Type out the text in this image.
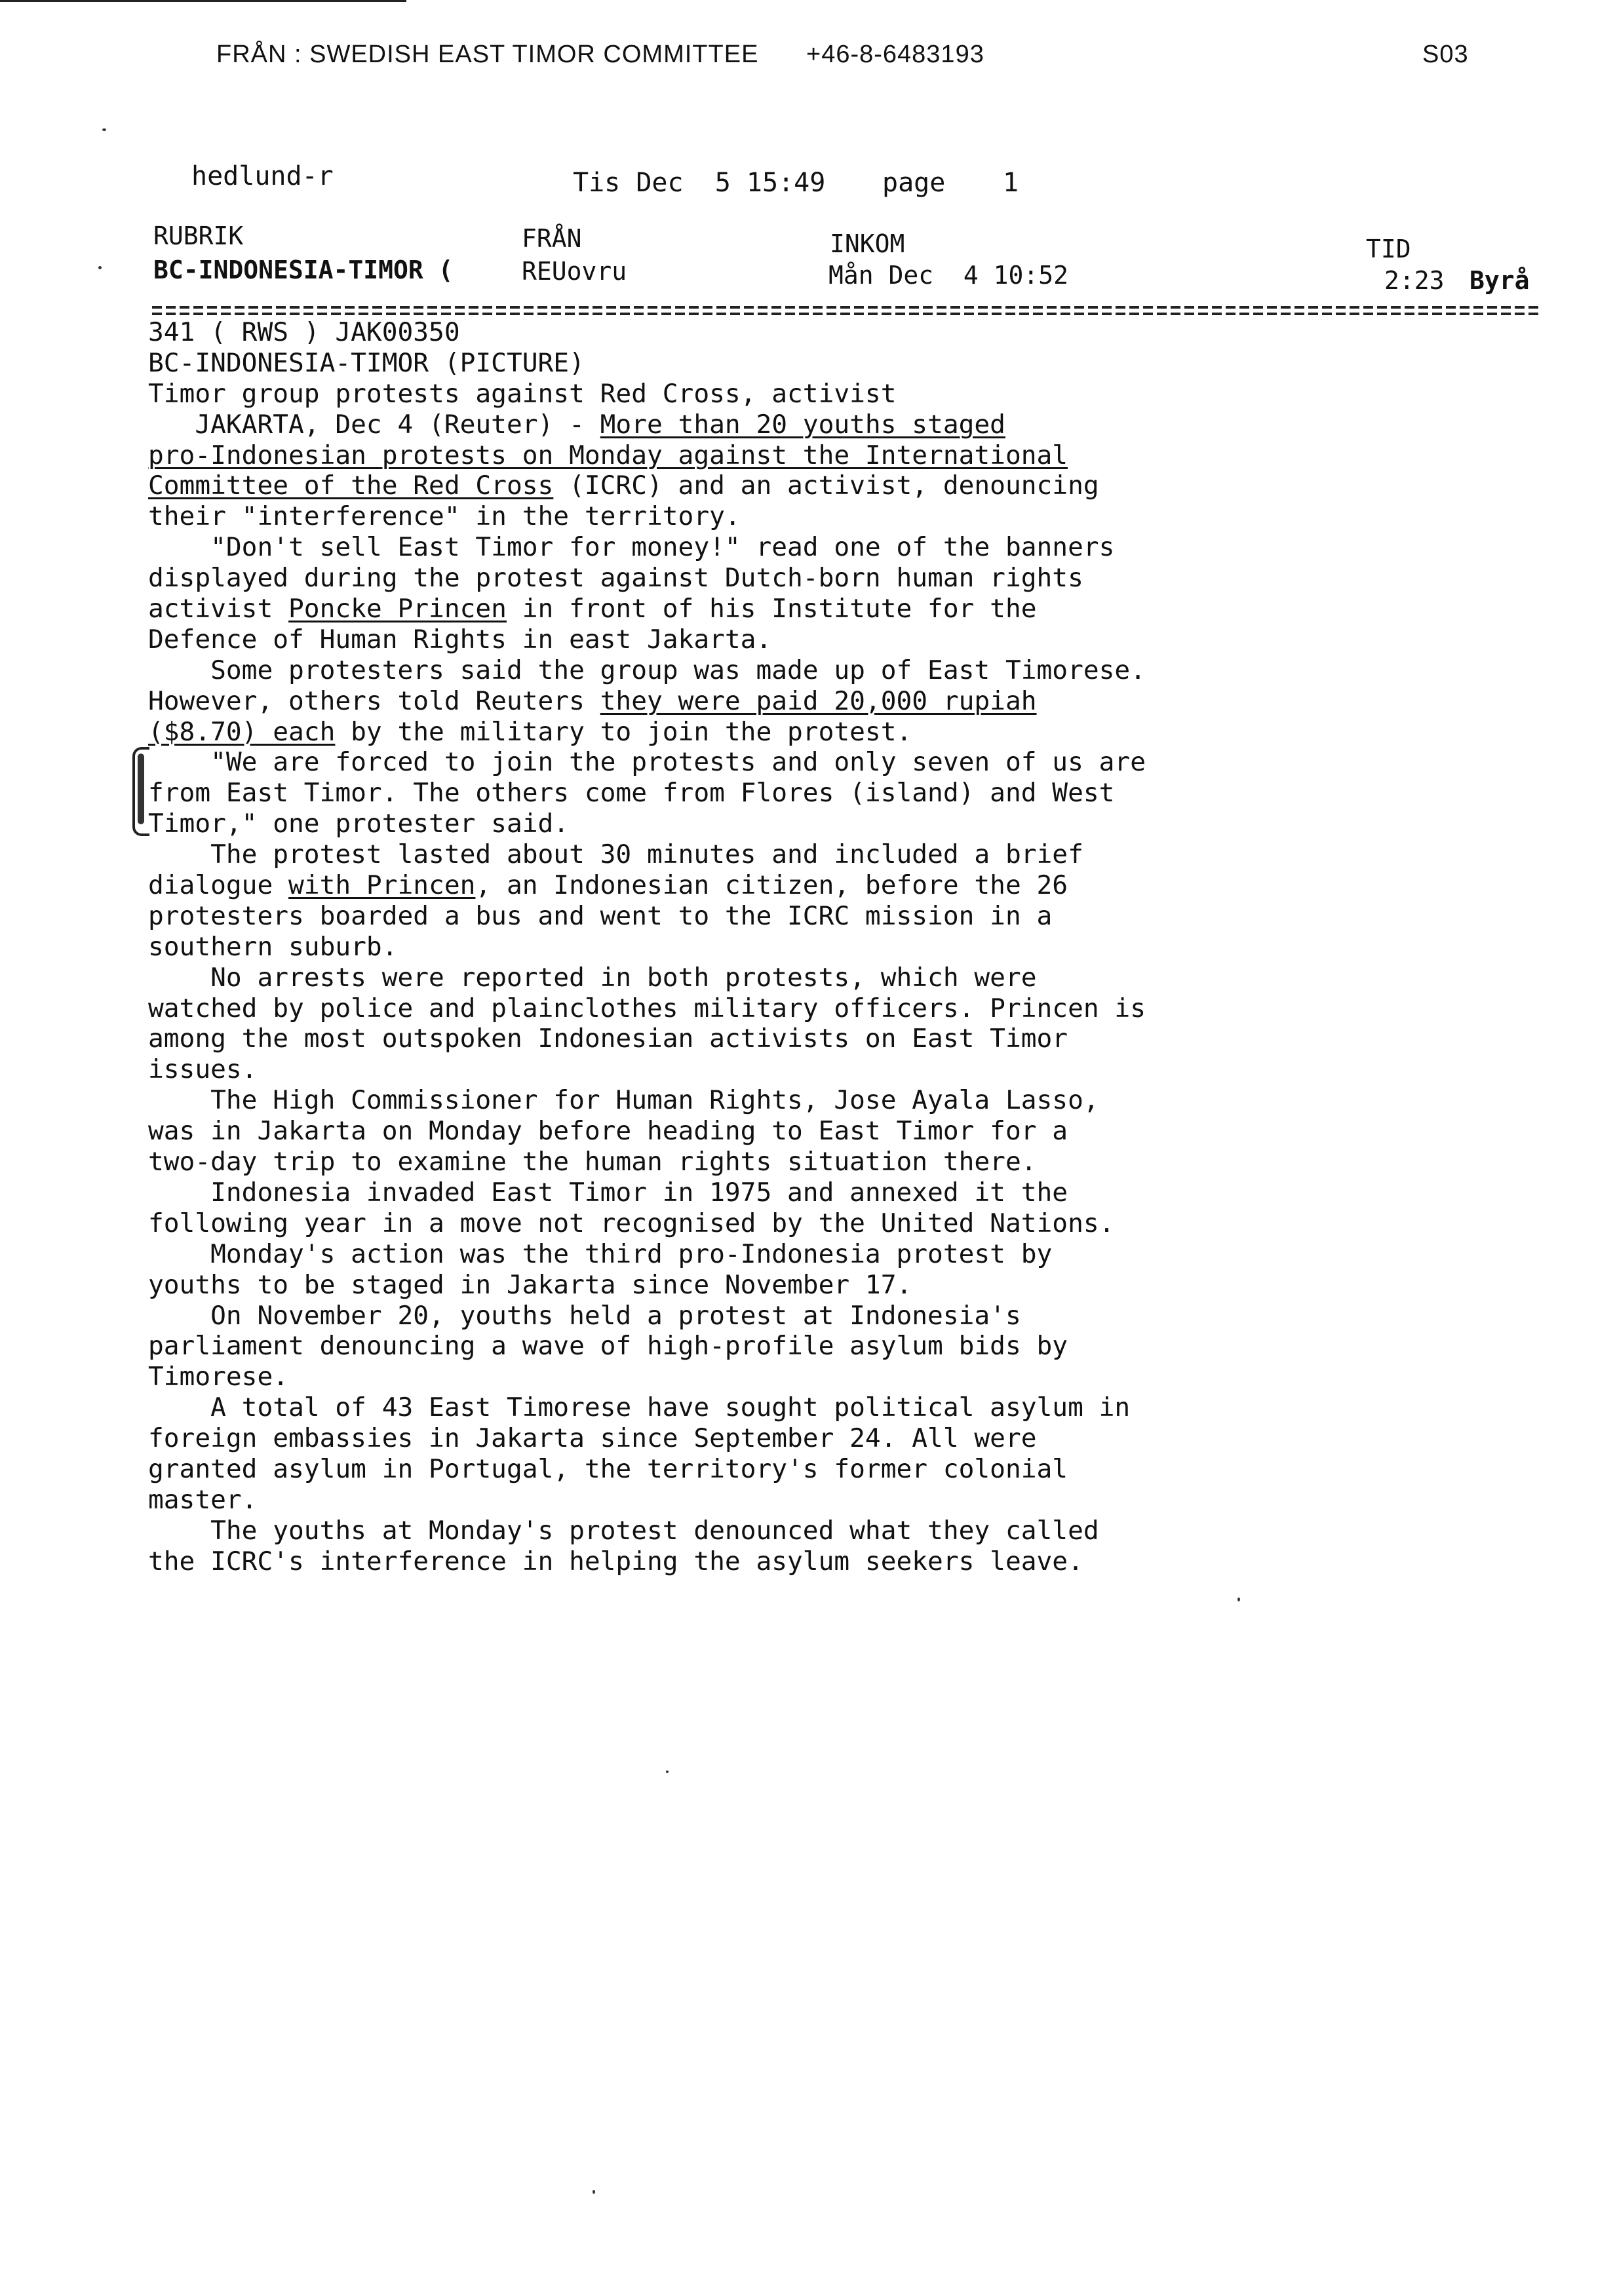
FRÅN : SWEDISH EAST TIMOR COMMITTEE +46-8-6483193	S03
hedlund-r	Tis Dec  5 15:49 page 1
RUBRIK	FRÅN	INKOM	TID
BC-INDONESIA-TIMOR (	REUovru	Mån Dec  4 10:52	2:23 Byrå
341 ( RWS ) JAK00350
BC-INDONESIA-TIMOR (PICTURE)
Timor group protests against Red Cross, activist
JAKARTA, Dec 4 (Reuter) - More than 20 youths staged
pro-Indonesian protests on Monday against the International
Committee of the Red Cross (ICRC) and an activist, denouncing
their "interference" in the territory.
"Don't sell East Timor for money!" read one of the banners
displayed during the protest against Dutch-born human rights
activist Poncke Princen in front of his Institute for the
Defence of Human Rights in east Jakarta.
Some protesters said the group was made up of East Timorese.
However, others told Reuters they were paid 20,000 rupiah
($8.70) each by the military to join the protest.
"We are forced to join the protests and only seven of us are
from East Timor. The others come from Flores (island) and West
Timor," one protester said.
The protest lasted about 30 minutes and included a brief
dialogue with Princen, an Indonesian citizen, before the 26
protesters boarded a bus and went to the ICRC mission in a
southern suburb.
No arrests were reported in both protests, which were
watched by police and plainclothes military officers. Princen is
among the most outspoken Indonesian activists on East Timor
issues.
The High Commissioner for Human Rights, Jose Ayala Lasso,
was in Jakarta on Monday before heading to East Timor for a
two-day trip to examine the human rights situation there.
Indonesia invaded East Timor in 1975 and annexed it the
following year in a move not recognised by the United Nations.
Monday's action was the third pro-Indonesia protest by
youths to be staged in Jakarta since November 17.
On November 20, youths held a protest at Indonesia's
parliament denouncing a wave of high-profile asylum bids by
Timorese.
A total of 43 East Timorese have sought political asylum in
foreign embassies in Jakarta since September 24. All were
granted asylum in Portugal, the territory's former colonial
master.
The youths at Monday's protest denounced what they called
the ICRC's interference in helping the asylum seekers leave.
